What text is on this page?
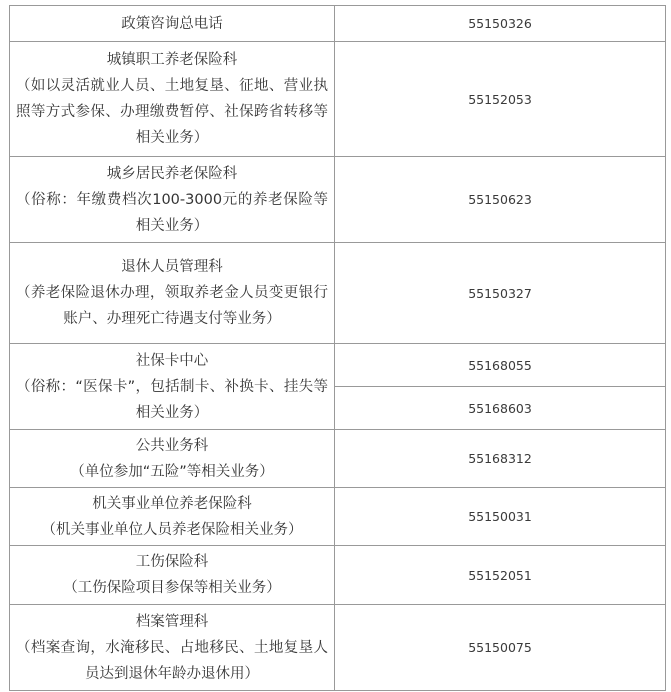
政策咨询总电话	55150326

城镇职工养老保险科
（如以灵活就业人员、土地复垦、征地、营业执照等方式参保、办理缴费暂停、社保跨省转移等相关业务）	55152053

城乡居民养老保险科
（俗称：年缴费档次100-3000元的养老保险等相关业务）	55150623

退休人员管理科
（养老保险退休办理，领取养老金人员变更银行账户、办理死亡待遇支付等业务）	55150327

社保卡中心
（俗称：“医保卡”，包括制卡、补换卡、挂失等相关业务）	55168055
	55168603

公共业务科
（单位参加“五险”等相关业务）	55168312

机关事业单位养老保险科
（机关事业单位人员养老保险相关业务）	55150031

工伤保险科
（工伤保险项目参保等相关业务）	55152051

档案管理科
（档案查询，水淹移民、占地移民、土地复垦人员达到退休年龄办退休用）	55150075
